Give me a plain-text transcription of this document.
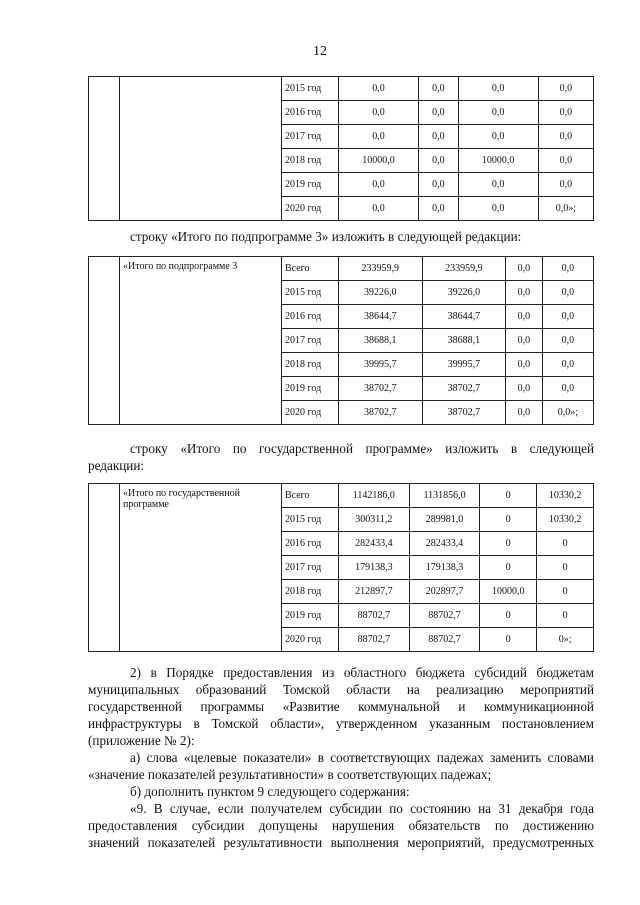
12
		2015 год	0,0	0,0	0,0	0,0
		2016 год	0,0	0,0	0,0	0,0
		2017 год	0,0	0,0	0,0	0,0
		2018 год	10000,0	0,0	10000,0	0,0
		2019 год	0,0	0,0	0,0	0,0
		2020 год	0,0	0,0	0,0	0,0»;
строку «Итого по подпрограмме 3» изложить в следующей редакции:
	«Итого по подпрограмме 3	Всего	233959,9	233959,9	0,0	0,0
		2015 год	39226,0	39226,0	0,0	0,0
		2016 год	38644,7	38644,7	0,0	0,0
		2017 год	38688,1	38688,1	0,0	0,0
		2018 год	39995,7	39995,7	0,0	0,0
		2019 год	38702,7	38702,7	0,0	0,0
		2020 год	38702,7	38702,7	0,0	0,0»;
строку «Итого по государственной программе» изложить в следующей
редакции:
	«Итого по государственной программе	Всего	1142186,0	1131856,0	0	10330,2
		2015 год	300311,2	289981,0	0	10330,2
		2016 год	282433,4	282433,4	0	0
		2017 год	179138,3	179138,3	0	0
		2018 год	212897,7	202897,7	10000,0	0
		2019 год	88702,7	88702,7	0	0
		2020 год	88702,7	88702,7	0	0»;
2) в Порядке предоставления из областного бюджета субсидий бюджетам
муниципальных образований Томской области на реализацию мероприятий
государственной программы «Развитие коммунальной и коммуникационной
инфраструктуры в Томской области», утвержденном указанным постановлением
(приложение № 2):
а) слова «целевые показатели» в соответствующих падежах заменить словами
«значение показателей результативности» в соответствующих падежах;
б) дополнить пунктом 9 следующего содержания:
«9. В случае, если получателем субсидии по состоянию на 31 декабря года
предоставления субсидии допущены нарушения обязательств по достижению
значений показателей результативности выполнения мероприятий, предусмотренных
